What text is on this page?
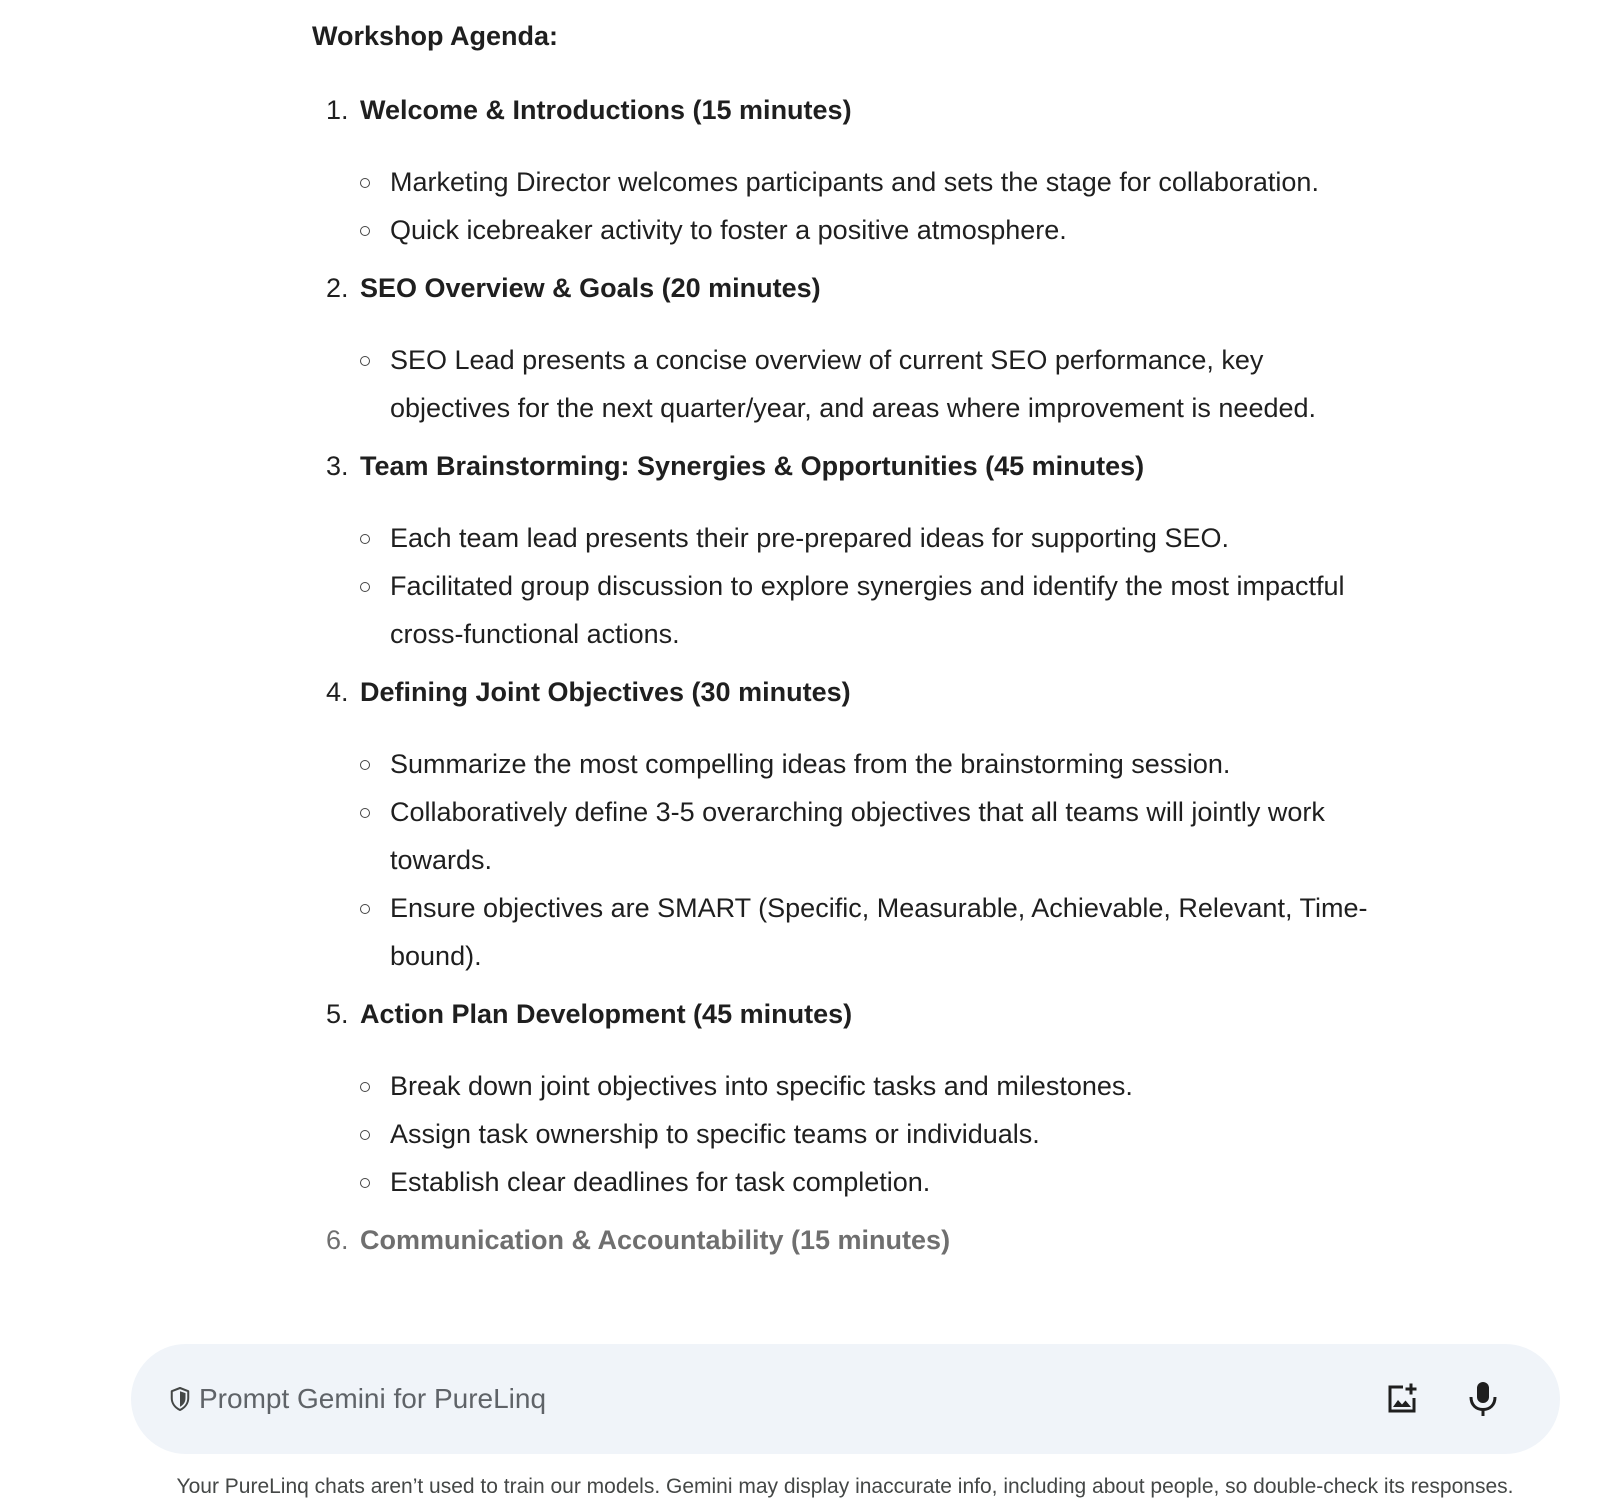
Workshop Agenda:
1. Welcome & Introductions (15 minutes)
Marketing Director welcomes participants and sets the stage for collaboration.
Quick icebreaker activity to foster a positive atmosphere.
2. SEO Overview & Goals (20 minutes)
SEO Lead presents a concise overview of current SEO performance, key objectives for the next quarter/year, and areas where improvement is needed.
3. Team Brainstorming: Synergies & Opportunities (45 minutes)
Each team lead presents their pre-prepared ideas for supporting SEO.
Facilitated group discussion to explore synergies and identify the most impactful cross-functional actions.
4. Defining Joint Objectives (30 minutes)
Summarize the most compelling ideas from the brainstorming session.
Collaboratively define 3-5 overarching objectives that all teams will jointly work towards.
Ensure objectives are SMART (Specific, Measurable, Achievable, Relevant, Time-bound).
5. Action Plan Development (45 minutes)
Break down joint objectives into specific tasks and milestones.
Assign task ownership to specific teams or individuals.
Establish clear deadlines for task completion.
6. Communication & Accountability (15 minutes)
Prompt Gemini for PureLinq
Your PureLinq chats aren’t used to train our models. Gemini may display inaccurate info, including about people, so double-check its responses.
